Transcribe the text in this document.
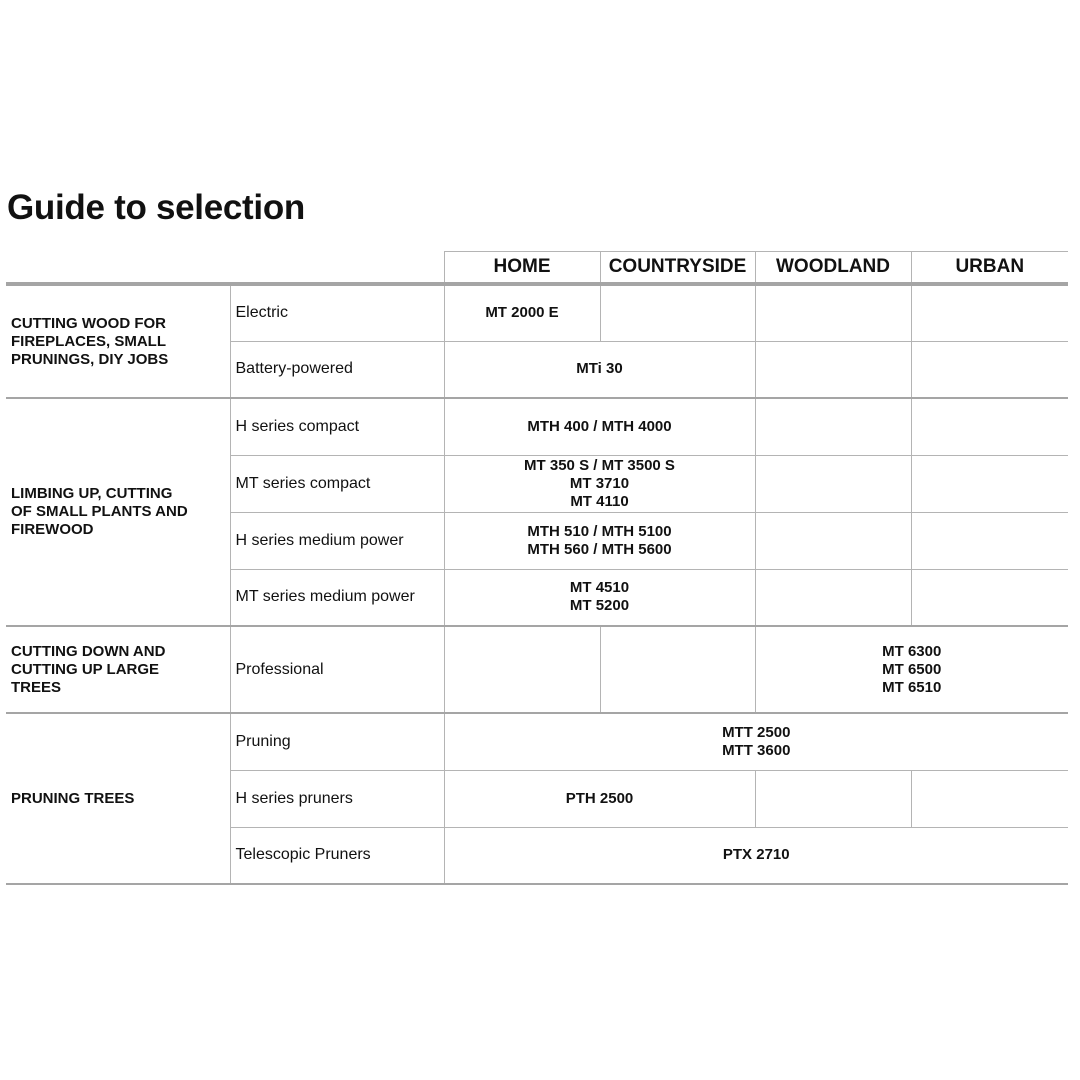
Guide to selection
		HOME	COUNTRYSIDE	WOODLAND	URBAN
CUTTING WOOD FOR
FIREPLACES, SMALL
PRUNINGS, DIY JOBS	Electric	MT 2000 E			
	Battery-powered	MTi 30			
LIMBING UP, CUTTING
OF SMALL PLANTS AND
FIREWOOD	H series compact	MTH 400 / MTH 4000			
	MT series compact	MT 350 S / MT 3500 S
MT 3710
MT 4110			
	H series medium power	MTH 510 / MTH 5100
MTH 560 / MTH 5600			
	MT series medium power	MT 4510
MT 5200			
CUTTING DOWN AND
CUTTING UP LARGE
TREES	Professional			MT 6300
MT 6500
MT 6510	
PRUNING TREES	Pruning	MTT 2500
MTT 3600			
	H series pruners	PTH 2500			
	Telescopic Pruners	PTX 2710			
